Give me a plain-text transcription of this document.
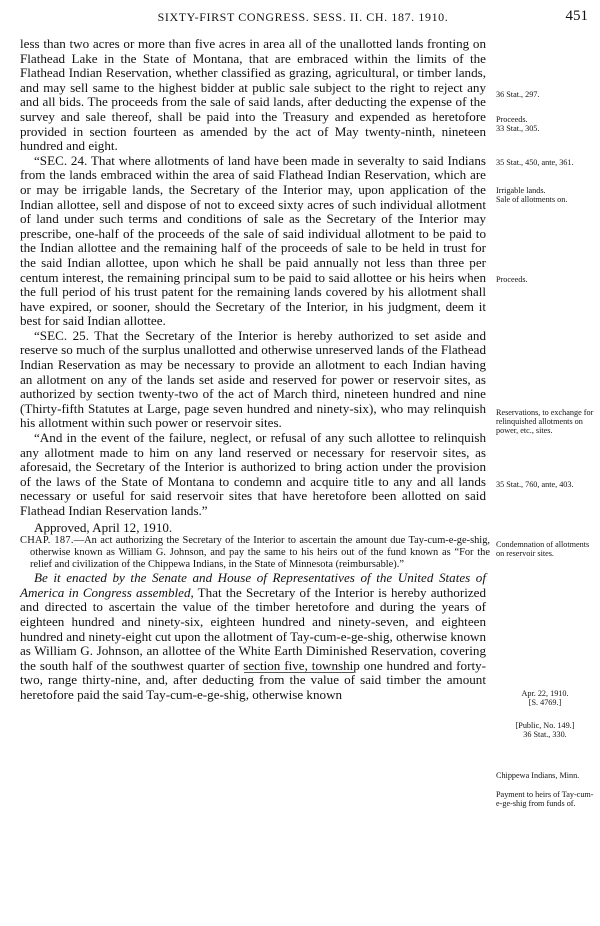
SIXTY-FIRST CONGRESS. SESS. II. CH. 187. 1910.	451

less than two acres or more than five acres in area all of the unallotted lands fronting on Flathead Lake in the State of Montana, that are embraced within the limits of the Flathead Indian Reservation, whether classified as grazing, agricultural, or timber lands, and may sell same to the highest bidder at public sale subject to the right to reject any and all bids. The proceeds from the sale of said lands, after deducting the expense of the survey and sale thereof, shall be paid into the Treasury and expended as heretofore provided in section fourteen as amended by the act of May twenty-ninth, nineteen hundred and eight.

“SEC. 24. That where allotments of land have been made in severalty to said Indians from the lands embraced within the area of said Flathead Indian Reservation, which are or may be irrigable lands, the Secretary of the Interior may, upon application of the Indian allottee, sell and dispose of not to exceed sixty acres of such individual allotment of land under such terms and conditions of sale as the Secretary of the Interior may prescribe, one-half of the proceeds of the sale of said individual allotment to be paid to the Indian allottee and the remaining half of the proceeds of sale to be held in trust for the said Indian allottee, upon which he shall be paid annually not less than three per centum interest, the remaining principal sum to be paid to said allottee or his heirs when the full period of his trust patent for the remaining lands covered by his allotment shall have expired, or sooner, should the Secretary of the Interior, in his judgment, deem it best for said Indian allottee.

“SEC. 25. That the Secretary of the Interior is hereby authorized to set aside and reserve so much of the surplus unallotted and otherwise unreserved lands of the Flathead Indian Reservation as may be necessary to provide an allotment to each Indian having an allotment on any of the lands set aside and reserved for power or reservoir sites, as authorized by section twenty-two of the act of March third, nineteen hundred and nine (Thirty-fifth Statutes at Large, page seven hundred and ninety-six), who may relinquish his allotment within such power or reservoir sites.

“And in the event of the failure, neglect, or refusal of any such allottee to relinquish any allotment made to him on any land reserved or necessary for reservoir sites, as aforesaid, the Secretary of the Interior is authorized to bring action under the provision of the laws of the State of Montana to condemn and acquire title to any and all lands necessary or useful for said reservoir sites that have heretofore been allotted on said Flathead Indian Reservation lands.”

Approved, April 12, 1910.

CHAP. 187.—An act authorizing the Secretary of the Interior to ascertain the amount due Tay-cum-e-ge-shig, otherwise known as William G. Johnson, and pay the same to his heirs out of the fund known as “For the relief and civilization of the Chippewa Indians, in the State of Minnesota (reimbursable).”

Be it enacted by the Senate and House of Representatives of the United States of America in Congress assembled, That the Secretary of the Interior is hereby authorized and directed to ascertain the value of the timber heretofore and during the years of eighteen hundred and ninety-six, eighteen hundred and ninety-seven, and eighteen hundred and ninety-eight cut upon the allotment of Tay-cum-e-ge-shig, otherwise known as William G. Johnson, an allottee of the White Earth Diminished Reservation, covering the south half of the southwest quarter of section five, township one hundred and forty-two, range thirty-nine, and, after deducting from the value of said timber the amount heretofore paid the said Tay-cum-e-ge-shig, otherwise known

36 Stat., 297.
Proceeds.
33 Stat., 305.
35 Stat., 450, ante, 361.
Irrigable lands.
Sale of allotments on.
Proceeds.
Reservations, to exchange for relinquished allotments on power, etc., sites.
35 Stat., 760, ante, 403.
Condemnation of allotments on reservoir sites.
Apr. 22, 1910.
[S. 4769.]
[Public, No. 149.]
36 Stat., 330.
Chippewa Indians, Minn.
Payment to heirs of Tay-cum-e-ge-shig from funds of.
